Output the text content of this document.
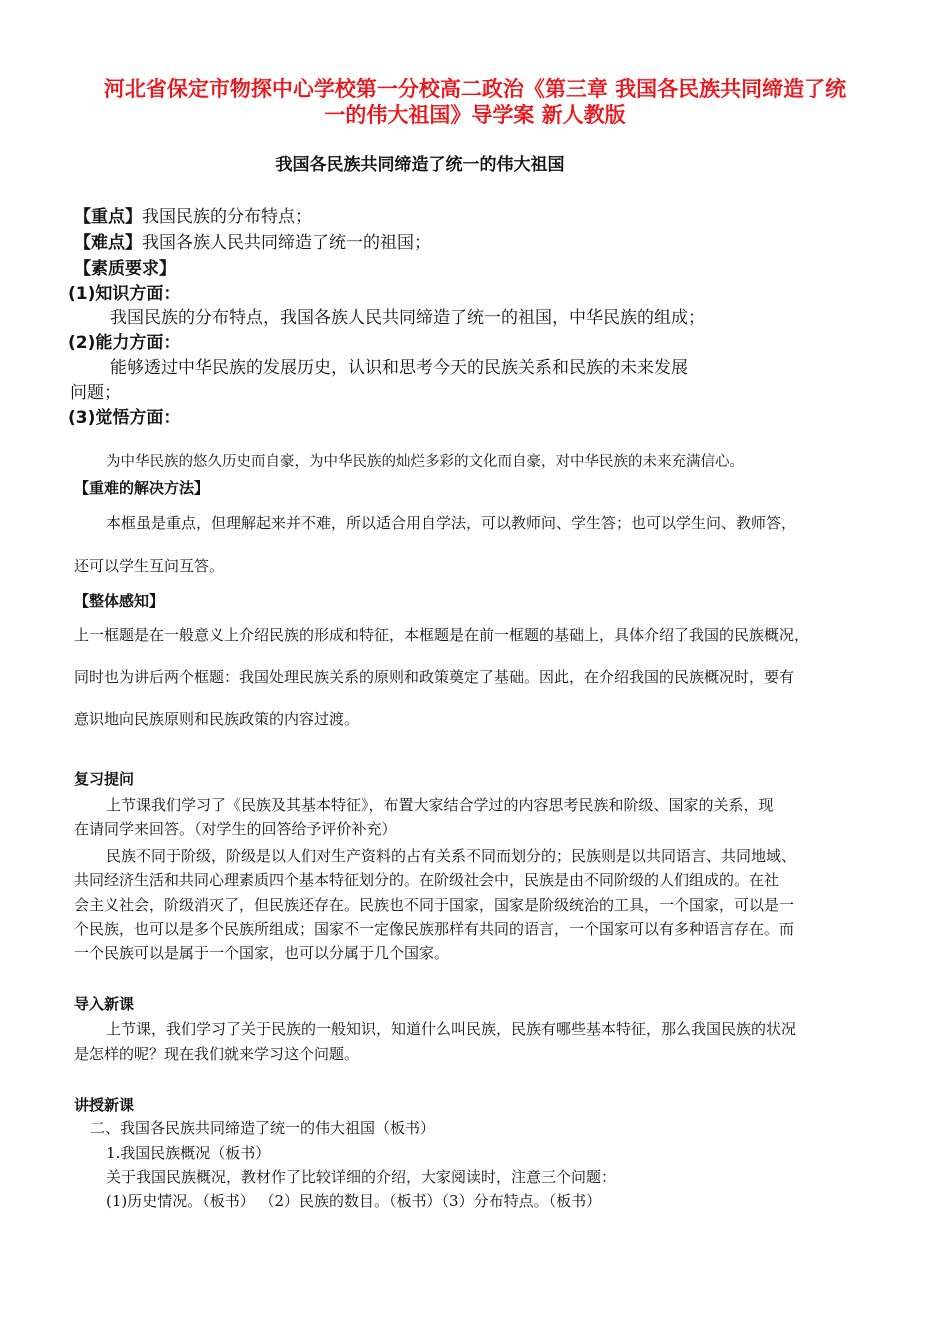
河北省保定市物探中心学校第一分校高二政治《第三章 我国各民族共同缔造了统
一的伟大祖国》导学案 新人教版
我国各民族共同缔造了统一的伟大祖国
【重点】我国民族的分布特点；
【难点】我国各族人民共同缔造了统一的祖国；
【素质要求】
(1)知识方面：
我国民族的分布特点，我国各族人民共同缔造了统一的祖国，中华民族的组成；
(2)能力方面：
能够透过中华民族的发展历史，认识和思考今天的民族关系和民族的未来发展
问题；
(3)觉悟方面：
为中华民族的悠久历史而自豪，为中华民族的灿烂多彩的文化而自豪，对中华民族的未来充满信心。
【重难的解决方法】
本框虽是重点，但理解起来并不难，所以适合用自学法，可以教师问、学生答；也可以学生问、教师答，
还可以学生互问互答。
【整体感知】
上一框题是在一般意义上介绍民族的形成和特征，本框题是在前一框题的基础上，具体介绍了我国的民族概况，
同时也为讲后两个框题：我国处理民族关系的原则和政策奠定了基础。因此，在介绍我国的民族概况时，要有
意识地向民族原则和民族政策的内容过渡。
复习提问
上节课我们学习了《民族及其基本特征》，布置大家结合学过的内容思考民族和阶级、国家的关系，现
在请同学来回答。（对学生的回答给予评价补充）
民族不同于阶级，阶级是以人们对生产资料的占有关系不同而划分的；民族则是以共同语言、共同地域、
共同经济生活和共同心理素质四个基本特征划分的。在阶级社会中，民族是由不同阶级的人们组成的。在社
会主义社会，阶级消灭了，但民族还存在。民族也不同于国家，国家是阶级统治的工具，一个国家，可以是一
个民族，也可以是多个民族所组成；国家不一定像民族那样有共同的语言，一个国家可以有多种语言存在。而
一个民族可以是属于一个国家，也可以分属于几个国家。
导入新课
上节课，我们学习了关于民族的一般知识，知道什么叫民族，民族有哪些基本特征，那么我国民族的状况
是怎样的呢？现在我们就来学习这个问题。
讲授新课
二、我国各民族共同缔造了统一的伟大祖国（板书）
1.我国民族概况（板书）
关于我国民族概况，教材作了比较详细的介绍，大家阅读时，注意三个问题：
(1)历史情况。（板书） （2）民族的数目。（板书）（3）分布特点。（板书）
